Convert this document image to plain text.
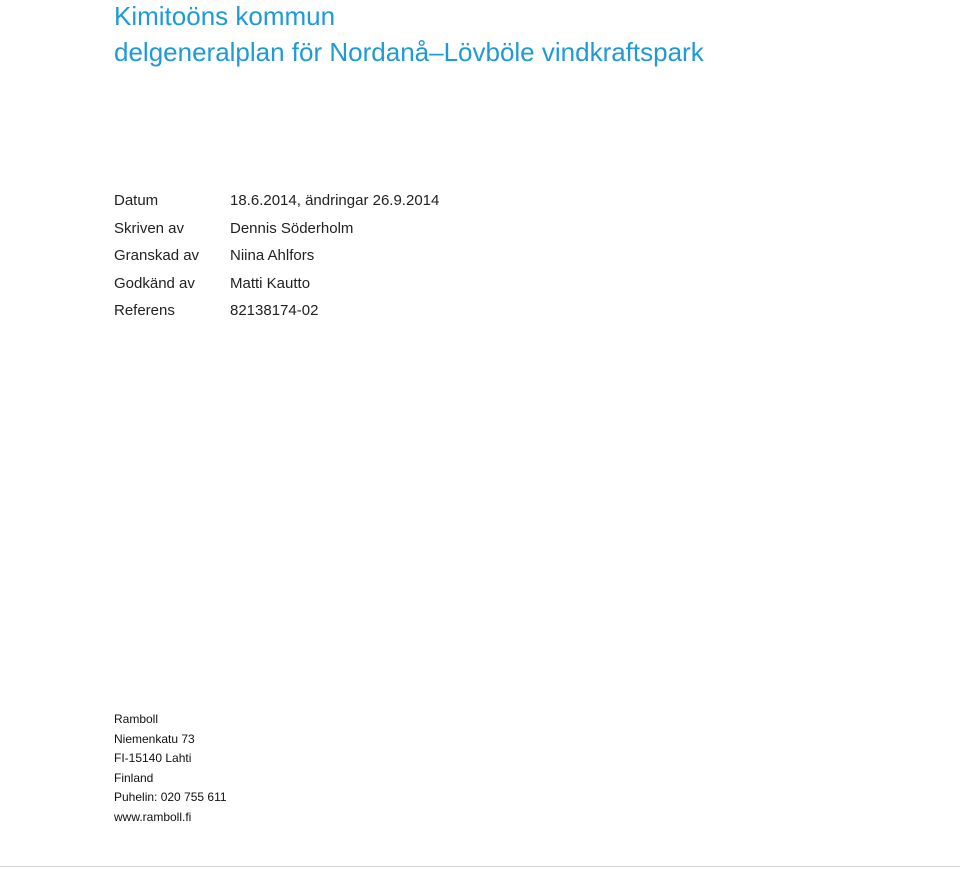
Kimitoöns kommun
delgeneralplan för Nordanå–Lövböle vindkraftspark
Datum	18.6.2014, ändringar 26.9.2014
Skriven av	Dennis Söderholm
Granskad av	Niina Ahlfors
Godkänd av	Matti Kautto
Referens	82138174-02
Ramboll
Niemenkatu 73
FI-15140 Lahti
Finland
Puhelin: 020 755 611
www.ramboll.fi
